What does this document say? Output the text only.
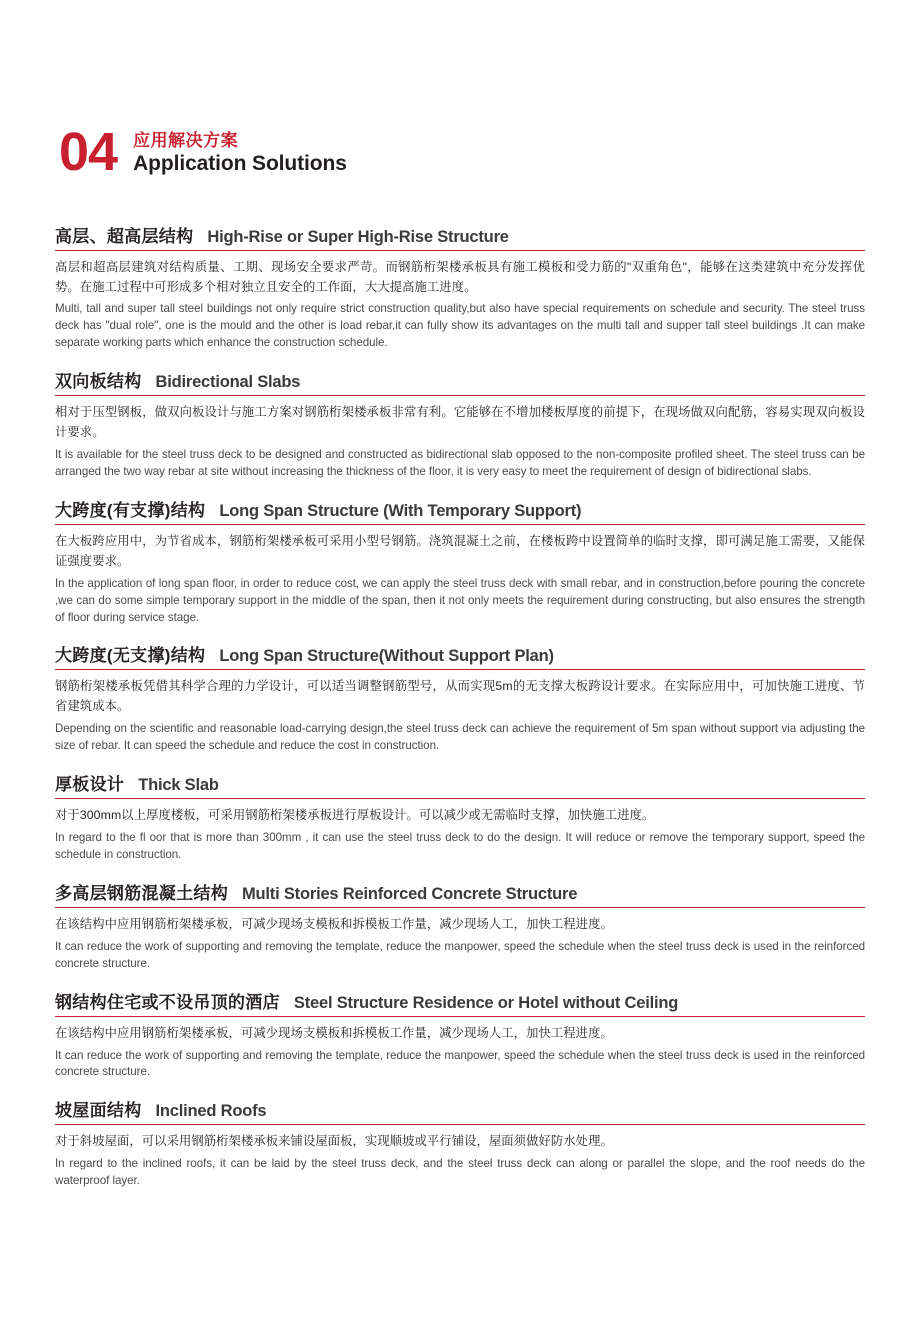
04 应用解决方案
Application Solutions
高层、超高层结构 High-Rise or Super High-Rise Structure
高层和超高层建筑对结构质量、工期、现场安全要求严苛。而钢筋桁架楼承板具有施工模板和受力筋的"双重角色"，能够在这类建筑中充分发挥优势。在施工过程中可形成多个相对独立且安全的工作面，大大提高施工进度。
Multi, tall and super tall steel buildings not only require strict construction quality,but also have special requirements on schedule and security. The steel truss deck has "dual role", one is the mould and the other is load rebar,it can fully show its advantages on the multi tall and supper tall steel buildings .It can make separate working parts which enhance the construction schedule.
双向板结构 Bidirectional Slabs
相对于压型钢板，做双向板设计与施工方案对钢筋桁架楼承板非常有利。它能够在不增加楼板厚度的前提下，在现场做双向配筋，容易实现双向板设计要求。
It is available for the steel truss deck to be designed and constructed as bidirectional slab opposed to the non-composite profiled sheet. The steel truss can be arranged the two way rebar at site without increasing the thickness of the floor, it is very easy to meet the requirement of design of bidirectional slabs.
大跨度(有支撑)结构 Long Span Structure (With Temporary Support)
在大板跨应用中，为节省成本，钢筋桁架楼承板可采用小型号钢筋。浇筑混凝土之前，在楼板跨中设置简单的临时支撑，即可满足施工需要，又能保证强度要求。
In the application of long span floor, in order to reduce cost, we can apply the steel truss deck with small rebar, and in construction,before pouring the concrete ,we can do some simple temporary support in the middle of the span, then it not only meets the requirement during constructing, but also ensures the strength of floor during service stage.
大跨度(无支撑)结构 Long Span Structure(Without Support Plan)
钢筋桁架楼承板凭借其科学合理的力学设计，可以适当调整钢筋型号，从而实现5m的无支撑大板跨设计要求。在实际应用中，可加快施工进度、节省建筑成本。
Depending on the scientific and reasonable load-carrying design,the steel truss deck can achieve the requirement of 5m span without support via adjusting the size of rebar. It can speed the schedule and reduce the cost in construction.
厚板设计 Thick Slab
对于300mm以上厚度楼板，可采用钢筋桁架楼承板进行厚板设计。可以减少或无需临时支撑，加快施工进度。
In regard to the fl oor that is more than 300mm , it can use the steel truss deck to do the design. It will reduce or remove the temporary support, speed the schedule in construction.
多高层钢筋混凝土结构 Multi Stories Reinforced Concrete Structure
在该结构中应用钢筋桁架楼承板，可减少现场支模板和拆模板工作量，减少现场人工，加快工程进度。
It can reduce the work of supporting and removing the template, reduce the manpower, speed the schedule when the steel truss deck is used in the reinforced concrete structure.
钢结构住宅或不设吊顶的酒店 Steel Structure Residence or Hotel without Ceiling
在该结构中应用钢筋桁架楼承板，可减少现场支模板和拆模板工作量，减少现场人工，加快工程进度。
It can reduce the work of supporting and removing the template, reduce the manpower, speed the schedule when the steel truss deck is used in the reinforced concrete structure.
坡屋面结构 Inclined Roofs
对于斜坡屋面，可以采用钢筋桁架楼承板来铺设屋面板，实现顺坡或平行铺设，屋面须做好防水处理。
In regard to the inclined roofs, it can be laid by the steel truss deck, and the steel truss deck can along or parallel the slope, and the roof needs do the waterproof layer.
